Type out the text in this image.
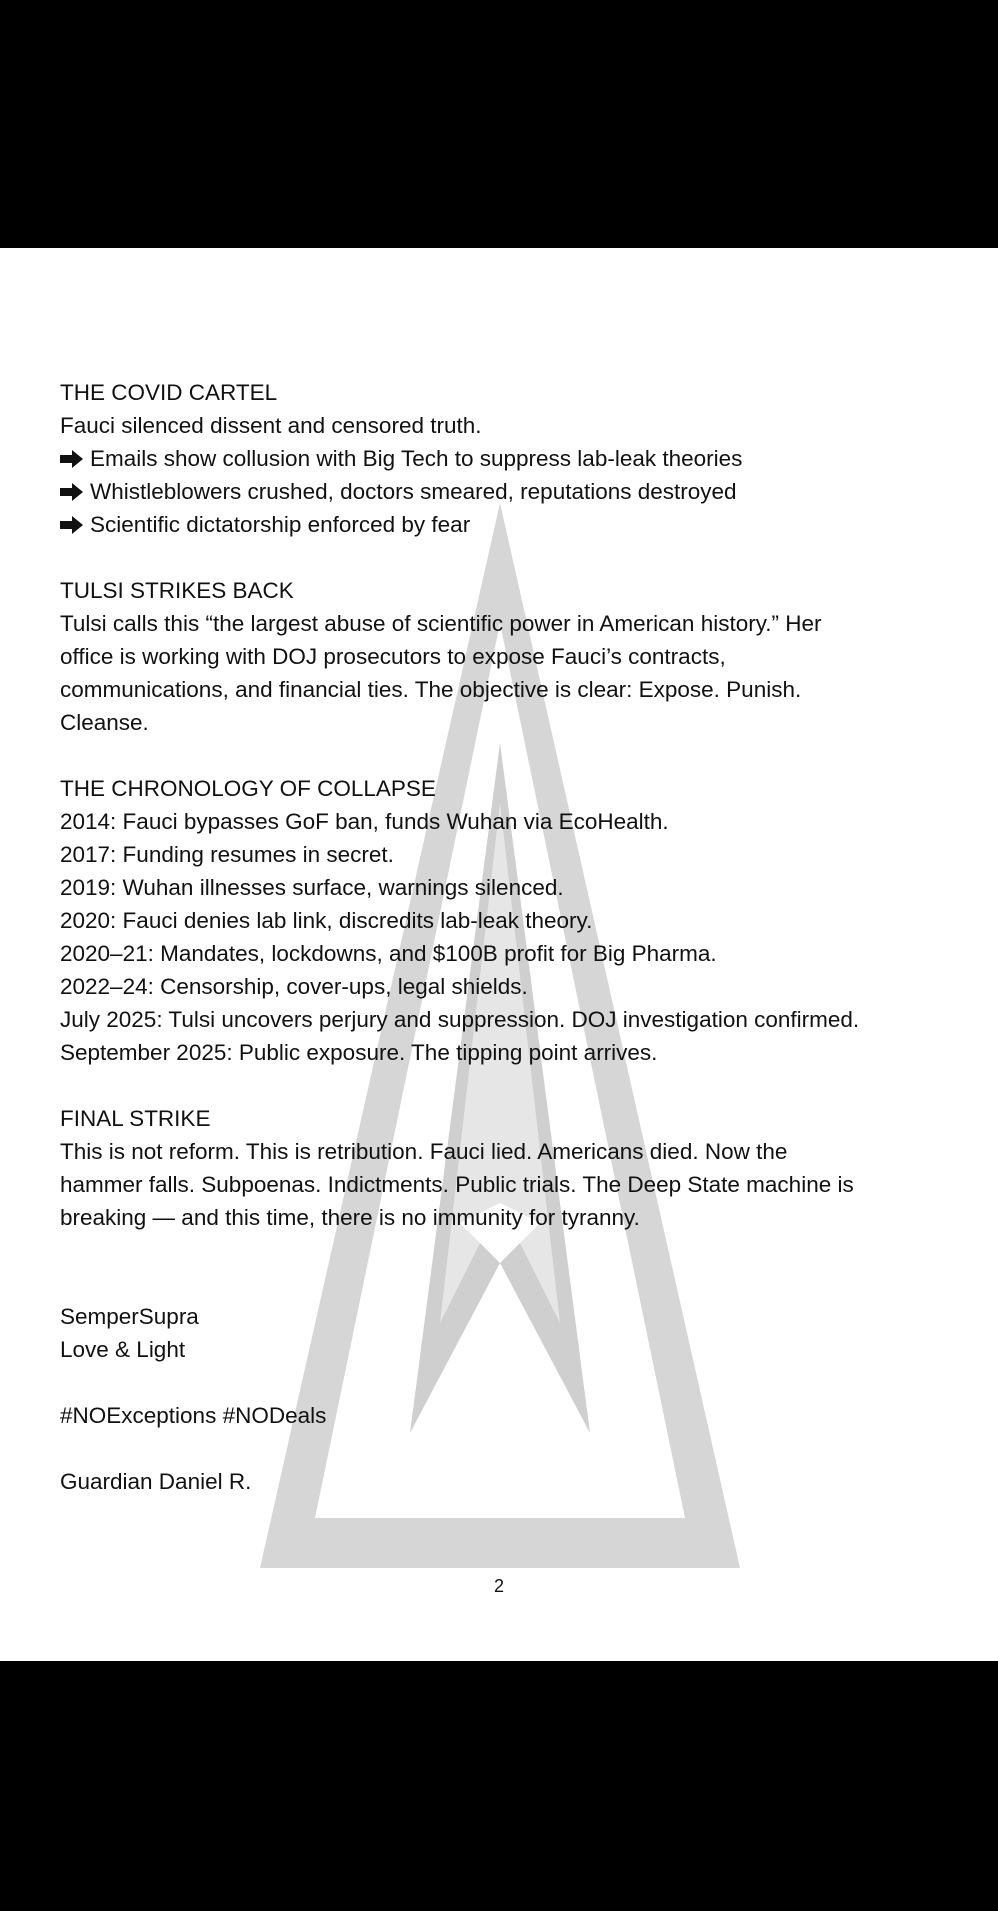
THE COVID CARTEL
Fauci silenced dissent and censored truth.
Emails show collusion with Big Tech to suppress lab-leak theories
Whistleblowers crushed, doctors smeared, reputations destroyed
Scientific dictatorship enforced by fear
TULSI STRIKES BACK
Tulsi calls this “the largest abuse of scientific power in American history.” Her
office is working with DOJ prosecutors to expose Fauci’s contracts,
communications, and financial ties. The objective is clear: Expose. Punish.
Cleanse.
THE CHRONOLOGY OF COLLAPSE
2014: Fauci bypasses GoF ban, funds Wuhan via EcoHealth.
2017: Funding resumes in secret.
2019: Wuhan illnesses surface, warnings silenced.
2020: Fauci denies lab link, discredits lab-leak theory.
2020–21: Mandates, lockdowns, and $100B profit for Big Pharma.
2022–24: Censorship, cover-ups, legal shields.
July 2025: Tulsi uncovers perjury and suppression. DOJ investigation confirmed.
September 2025: Public exposure. The tipping point arrives.
FINAL STRIKE
This is not reform. This is retribution. Fauci lied. Americans died. Now the
hammer falls. Subpoenas. Indictments. Public trials. The Deep State machine is
breaking — and this time, there is no immunity for tyranny.
SemperSupra
Love & Light
#NOExceptions #NODeals
Guardian Daniel R.
2
